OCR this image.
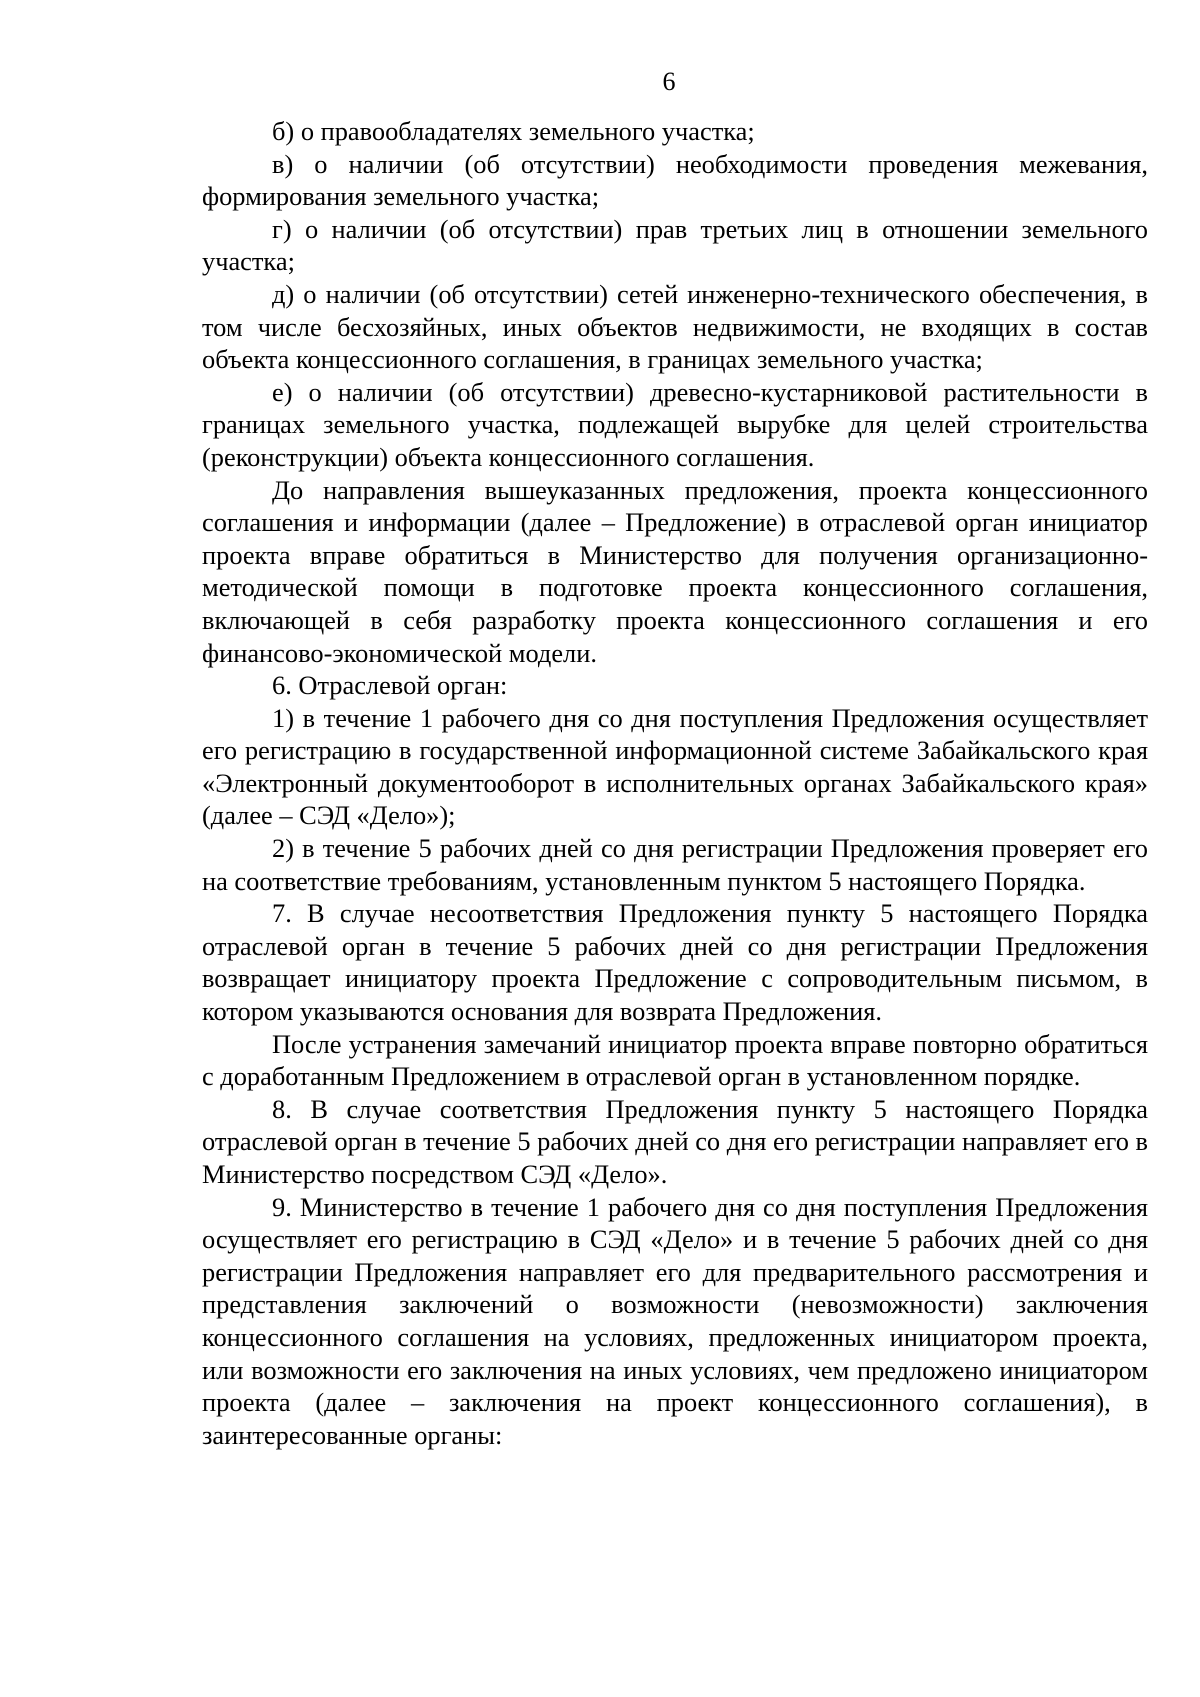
6

б) о правообладателях земельного участка;

в) о наличии (об отсутствии) необходимости проведения межевания, формирования земельного участка;

г) о наличии (об отсутствии) прав третьих лиц в отношении земельного участка;

д) о наличии (об отсутствии) сетей инженерно-технического обеспечения, в том числе бесхозяйных, иных объектов недвижимости, не входящих в состав объекта концессионного соглашения, в границах земельного участка;

е) о наличии (об отсутствии) древесно-кустарниковой растительности в границах земельного участка, подлежащей вырубке для целей строительства (реконструкции) объекта концессионного соглашения.

До направления вышеуказанных предложения, проекта концессионного соглашения и информации (далее – Предложение) в отраслевой орган инициатор проекта вправе обратиться в Министерство для получения организационно-методической помощи в подготовке проекта концессионного соглашения, включающей в себя разработку проекта концессионного соглашения и его финансово-экономической модели.

6. Отраслевой орган:

1) в течение 1 рабочего дня со дня поступления Предложения осуществляет его регистрацию в государственной информационной системе Забайкальского края «Электронный документооборот в исполнительных органах Забайкальского края» (далее – СЭД «Дело»);

2) в течение 5 рабочих дней со дня регистрации Предложения проверяет его на соответствие требованиям, установленным пунктом 5 настоящего Порядка.

7. В случае несоответствия Предложения пункту 5 настоящего Порядка отраслевой орган в течение 5 рабочих дней со дня регистрации Предложения возвращает инициатору проекта Предложение с сопроводительным письмом, в котором указываются основания для возврата Предложения.

После устранения замечаний инициатор проекта вправе повторно обратиться с доработанным Предложением в отраслевой орган в установленном порядке.

8. В случае соответствия Предложения пункту 5 настоящего Порядка отраслевой орган в течение 5 рабочих дней со дня его регистрации направляет его в Министерство посредством СЭД «Дело».

9. Министерство в течение 1 рабочего дня со дня поступления Предложения осуществляет его регистрацию в СЭД «Дело» и в течение 5 рабочих дней со дня регистрации Предложения направляет его для предварительного рассмотрения и представления заключений о возможности (невозможности) заключения концессионного соглашения на условиях, предложенных инициатором проекта, или возможности его заключения на иных условиях, чем предложено инициатором проекта (далее – заключения на проект концессионного соглашения), в заинтересованные органы:
